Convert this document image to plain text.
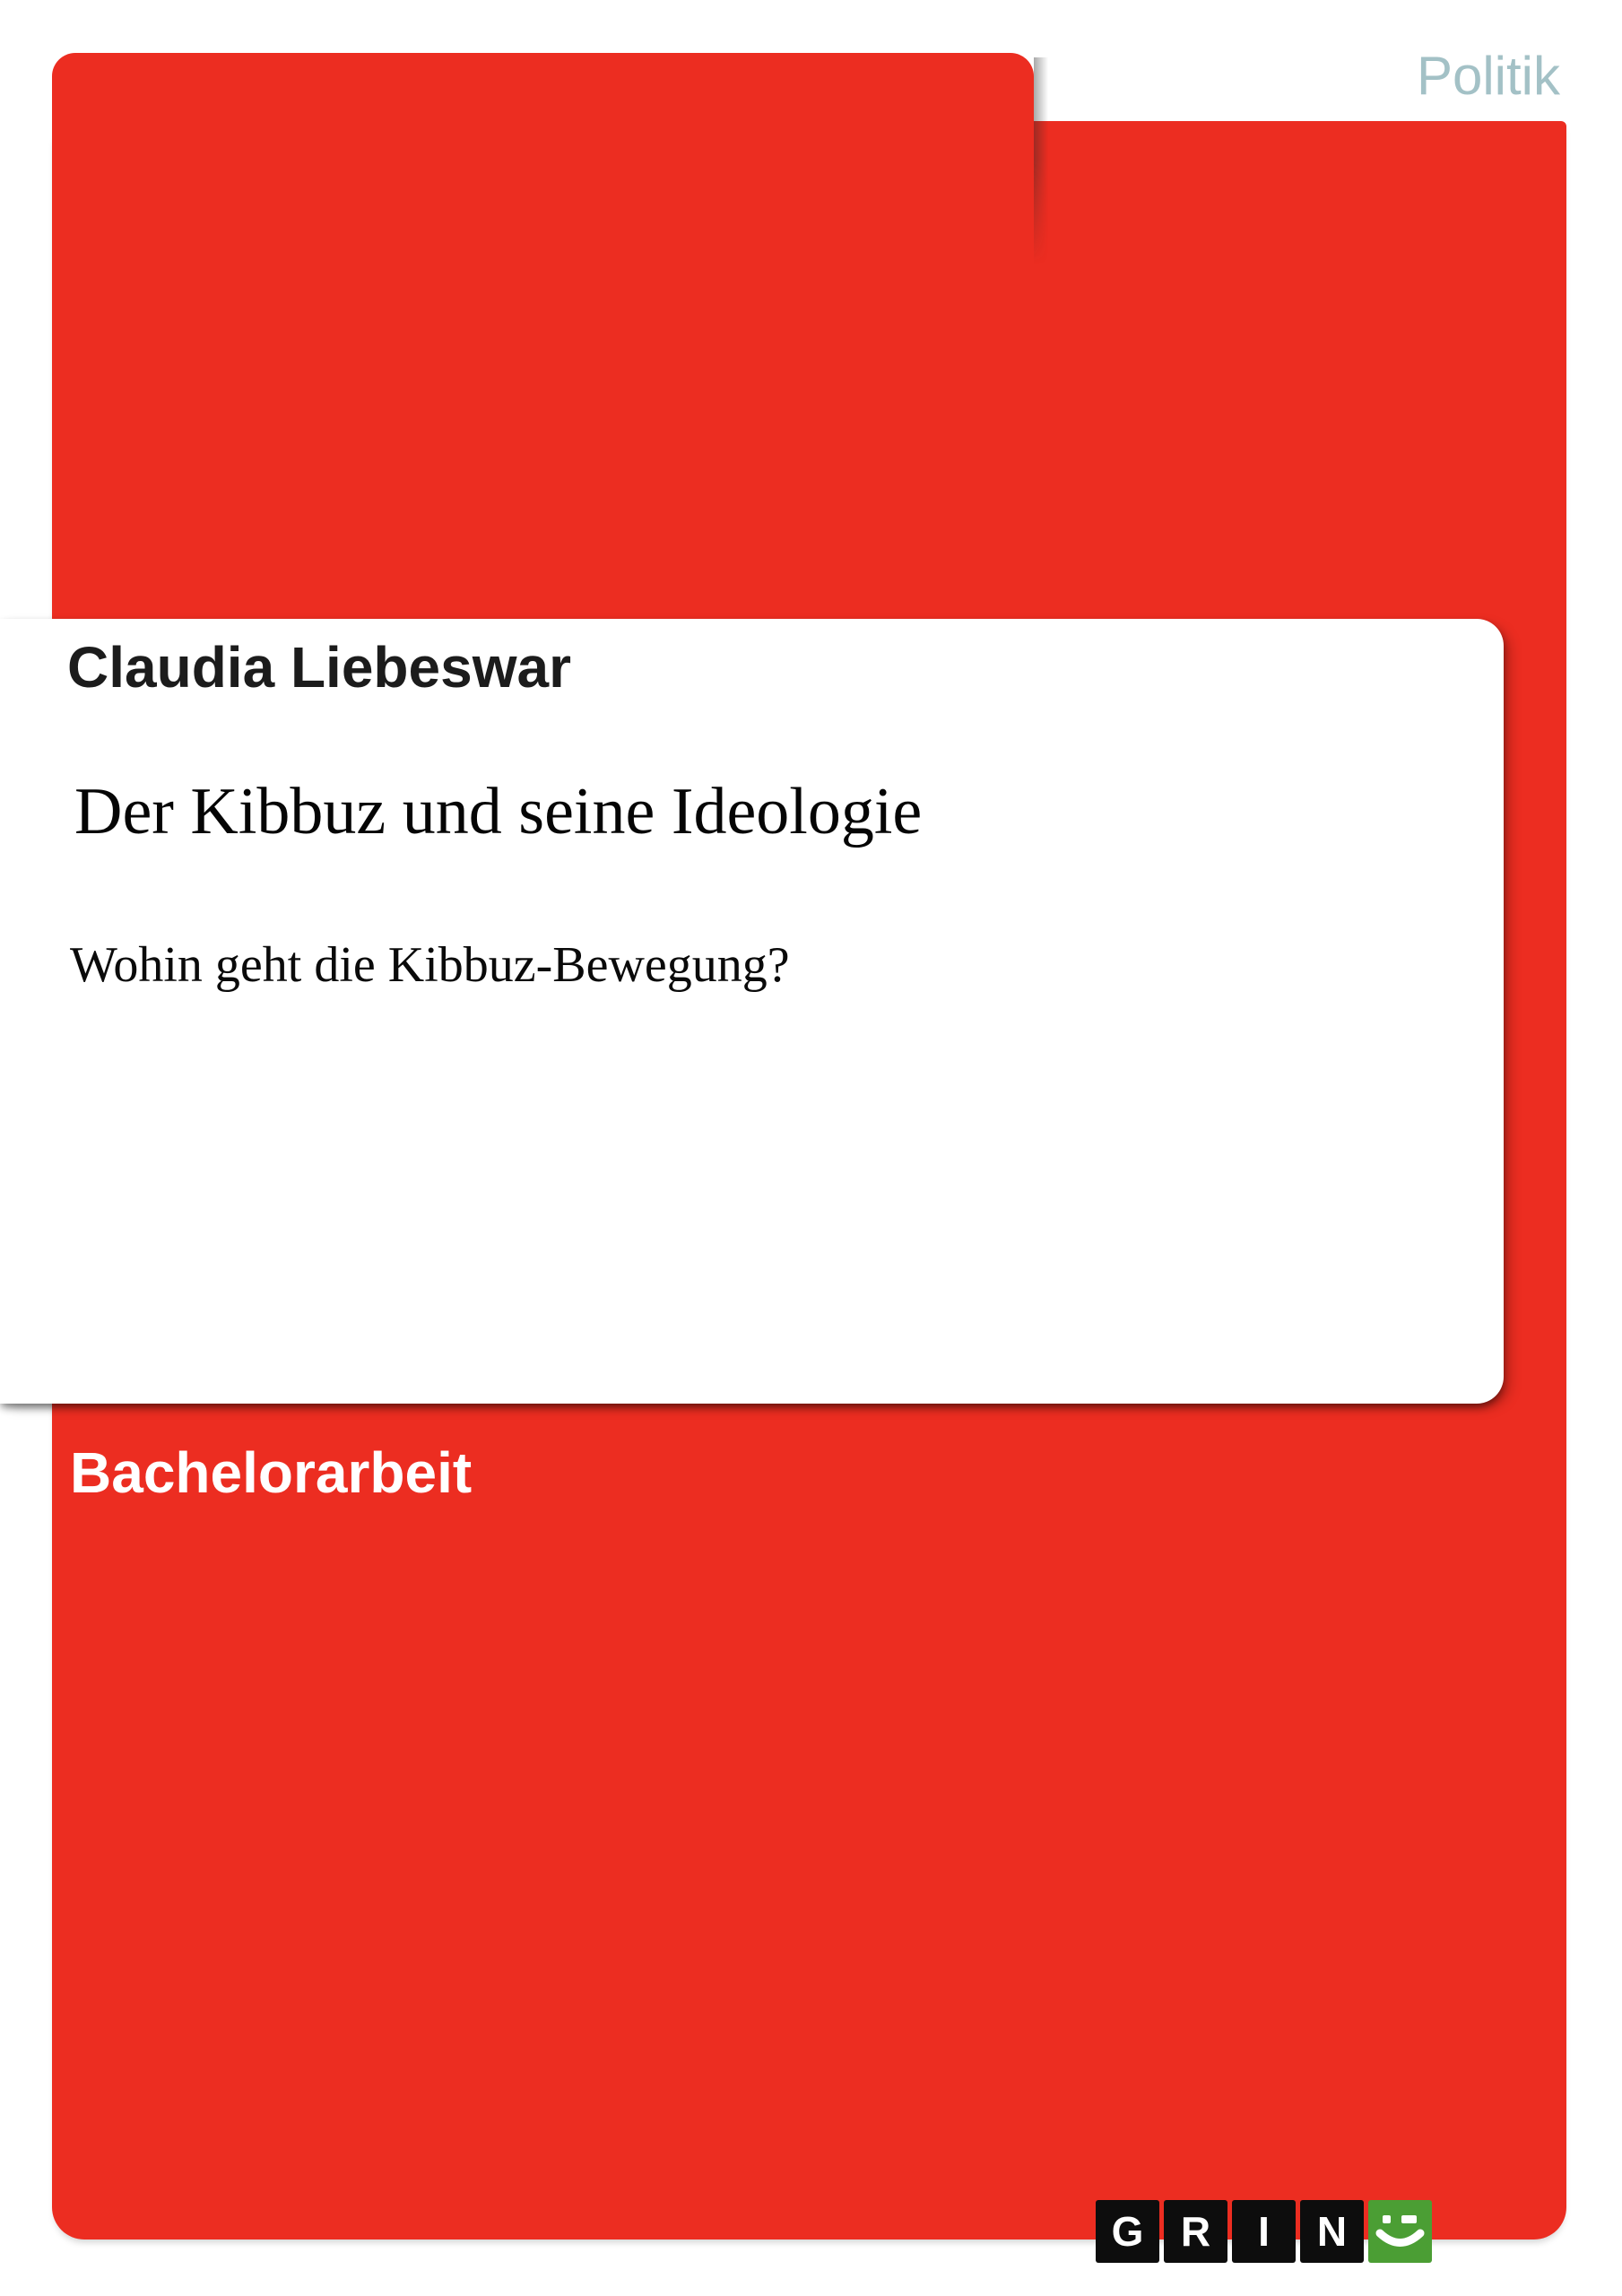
Politik
Claudia Liebeswar
Der Kibbuz und seine Ideologie
Wohin geht die Kibbuz-Bewegung?
Bachelorarbeit
G R I N
